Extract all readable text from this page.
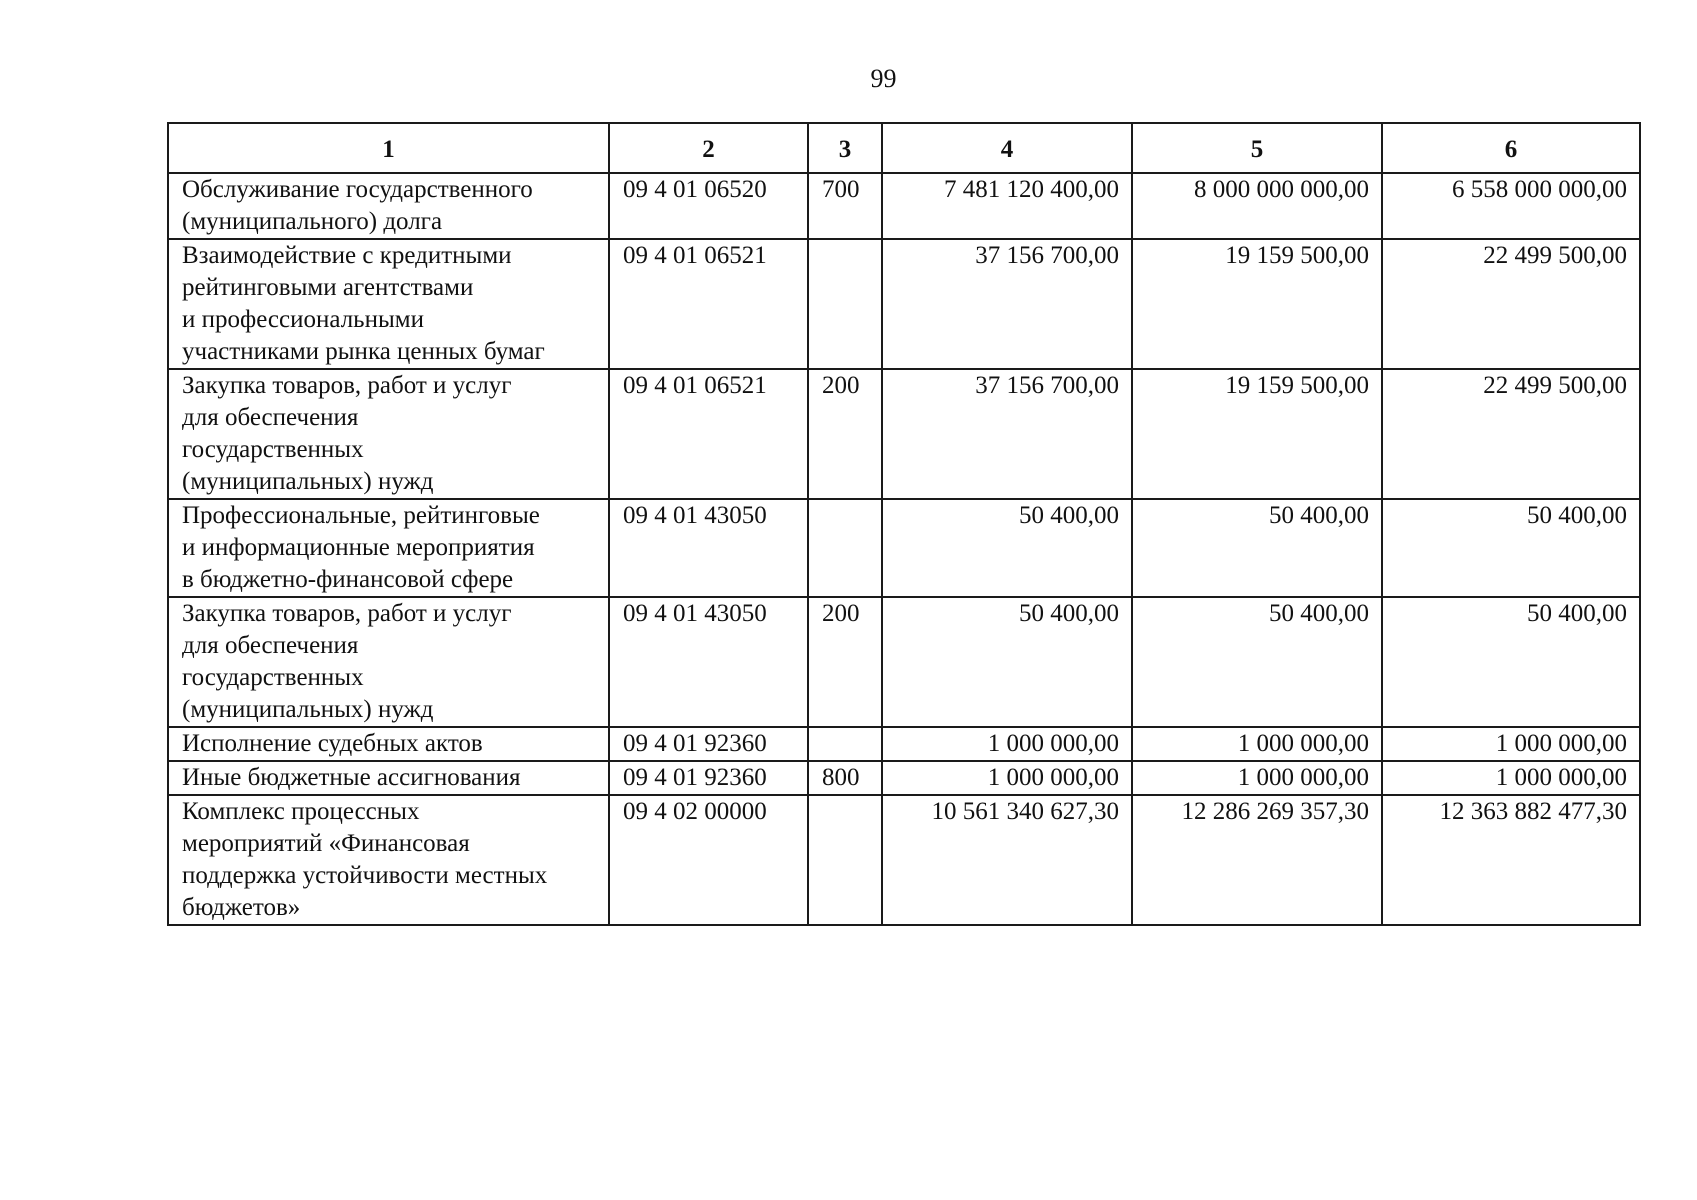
99
1	2	3	4	5	6

Обслуживание государственного
(муниципального) долга	09 4 01 06520	700	7 481 120 400,00	8 000 000 000,00	6 558 000 000,00

Взаимодействие с кредитными
рейтинговыми агентствами
и профессиональными
участниками рынка ценных бумаг	09 4 01 06521		37 156 700,00	19 159 500,00	22 499 500,00

Закупка товаров, работ и услуг
для обеспечения
государственных
(муниципальных) нужд	09 4 01 06521	200	37 156 700,00	19 159 500,00	22 499 500,00

Профессиональные, рейтинговые
и информационные мероприятия
в бюджетно-финансовой сфере	09 4 01 43050		50 400,00	50 400,00	50 400,00

Закупка товаров, работ и услуг
для обеспечения
государственных
(муниципальных) нужд	09 4 01 43050	200	50 400,00	50 400,00	50 400,00

Исполнение судебных актов	09 4 01 92360		1 000 000,00	1 000 000,00	1 000 000,00

Иные бюджетные ассигнования	09 4 01 92360	800	1 000 000,00	1 000 000,00	1 000 000,00

Комплекс процессных
мероприятий «Финансовая
поддержка устойчивости местных
бюджетов»	09 4 02 00000		10 561 340 627,30	12 286 269 357,30	12 363 882 477,30
